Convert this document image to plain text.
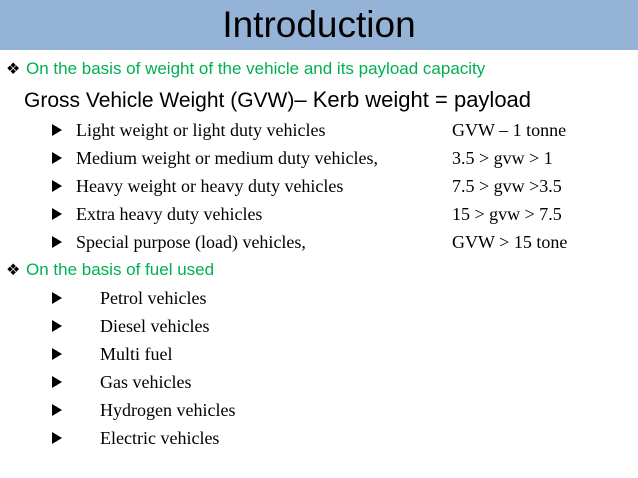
Introduction
❖ On the basis of weight of the vehicle and its payload capacity
Gross Vehicle Weight (GVW)– Kerb weight = payload
Light weight or light duty vehicles	GVW – 1 tonne
Medium weight or medium duty vehicles,	3.5 > gvw > 1
Heavy weight or heavy duty vehicles	7.5 > gvw >3.5
Extra heavy duty vehicles	15 > gvw > 7.5
Special purpose (load) vehicles,	GVW > 15 tone
❖ On the basis of fuel used
Petrol vehicles
Diesel vehicles
Multi fuel
Gas vehicles
Hydrogen vehicles
Electric vehicles
